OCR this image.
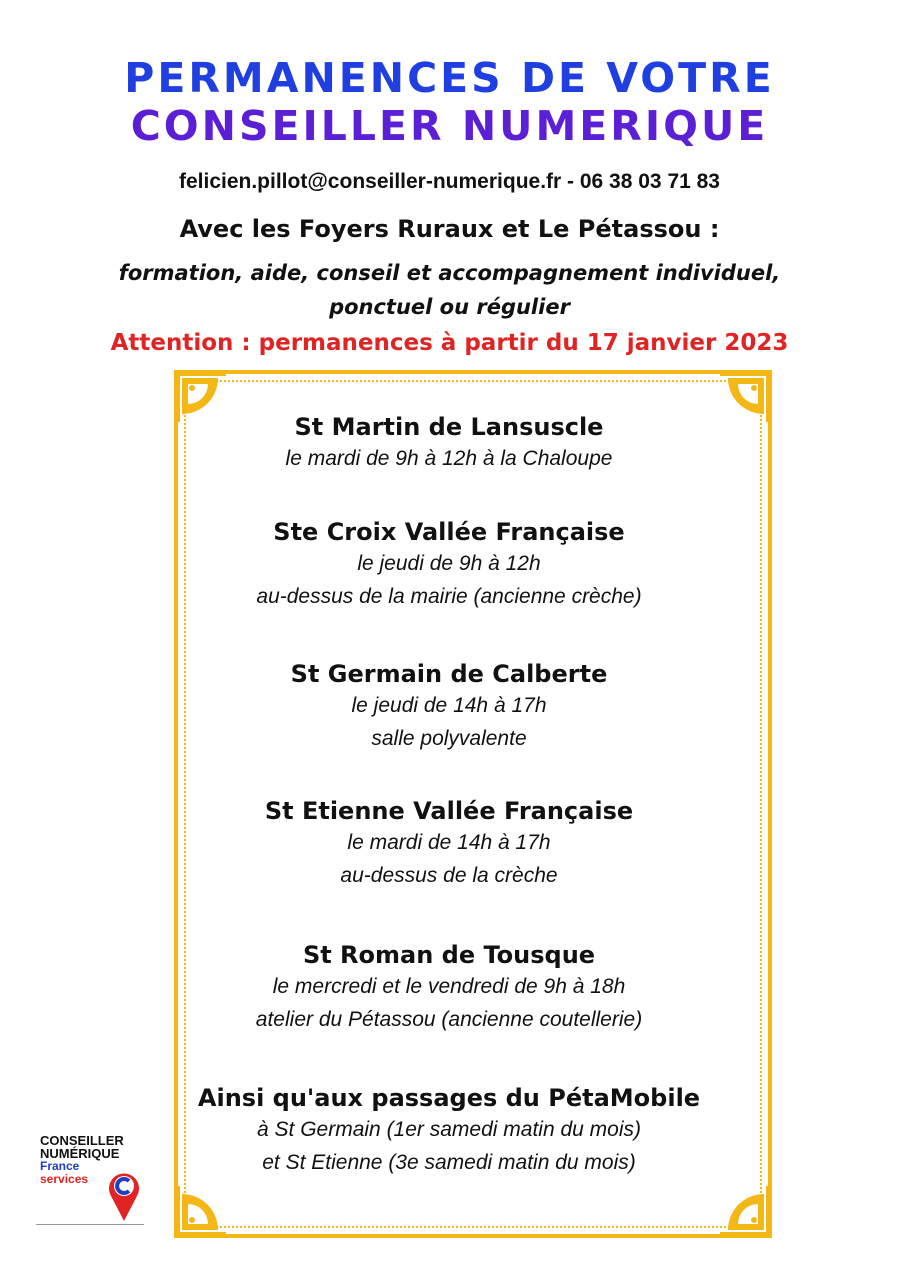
PERMANENCES DE VOTRE
CONSEILLER NUMERIQUE
felicien.pillot@conseiller-numerique.fr - 06 38 03 71 83
Avec les Foyers Ruraux et Le Pétassou :
formation, aide, conseil et accompagnement individuel, ponctuel ou régulier
Attention : permanences à partir du 17 janvier 2023
St Martin de Lansuscle
le mardi de 9h à 12h à la Chaloupe
Ste Croix Vallée Française
le jeudi de 9h à 12h
au-dessus de la mairie (ancienne crèche)
St Germain de Calberte
le jeudi de 14h à 17h
salle polyvalente
St Etienne Vallée Française
le mardi de 14h à 17h
au-dessus de la crèche
St Roman de Tousque
le mercredi et le vendredi de 9h à 18h
atelier du Pétassou (ancienne coutellerie)
Ainsi qu'aux passages du PétaMobile
à St Germain (1er samedi matin du mois)
et St Etienne (3e samedi matin du mois)
CONSEILLER
NUMÉRIQUE
France
services
